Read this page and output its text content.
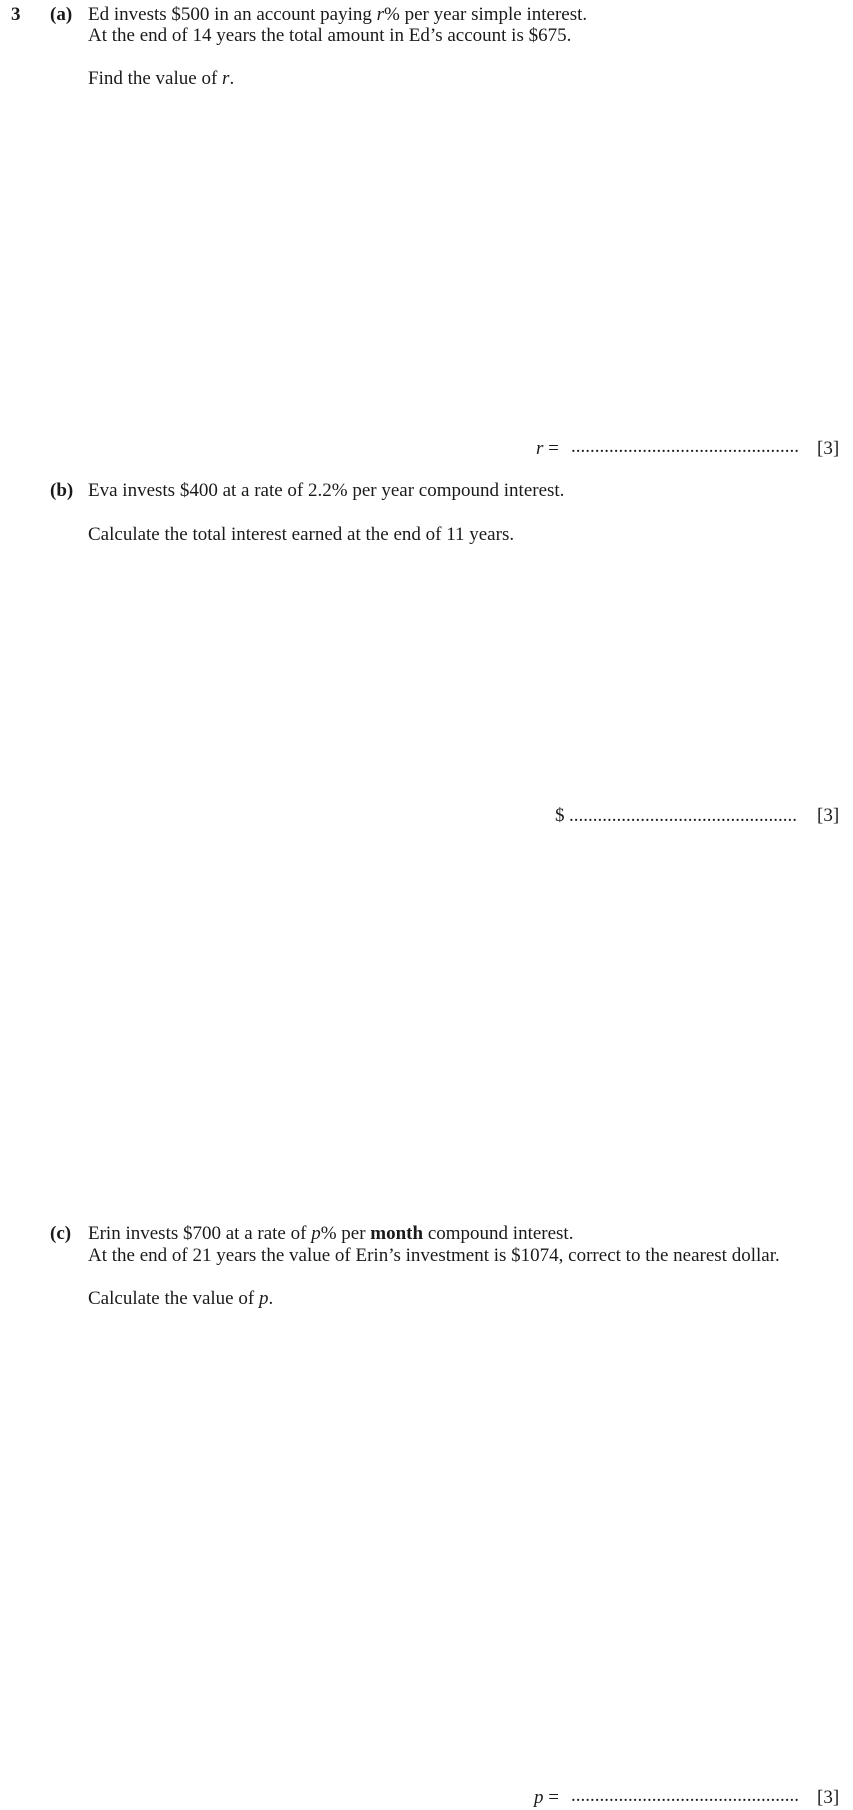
3 (a) Ed invests $500 in an account paying r% per year simple interest.
At the end of 14 years the total amount in Ed’s account is $675.
Find the value of r.
r = ................................................ [3]
(b) Eva invests $400 at a rate of 2.2% per year compound interest.
Calculate the total interest earned at the end of 11 years.
$ ................................................	[3]
(c) Erin invests $700 at a rate of p% per month compound interest.
At the end of 21 years the value of Erin’s investment is $1074, correct to the nearest dollar.
Calculate the value of p.
p = ................................................ [3]
